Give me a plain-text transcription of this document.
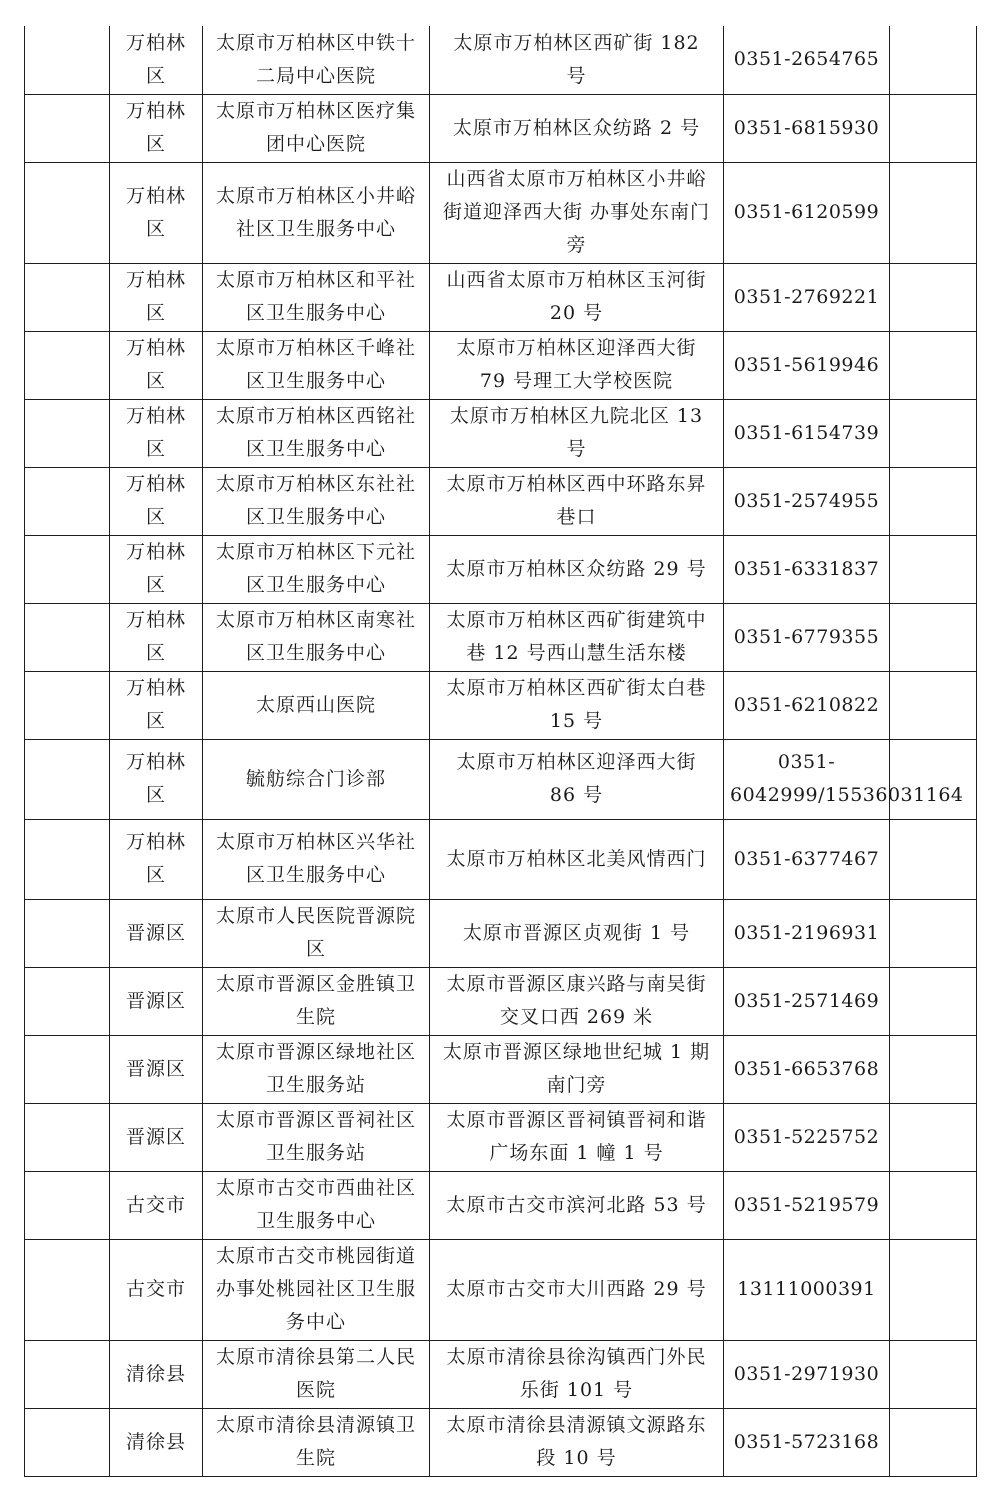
	万柏林区	太原市万柏林区中铁十二局中心医院	太原市万柏林区西矿街 182 号	0351-2654765	
	万柏林区	太原市万柏林区医疗集团中心医院	太原市万柏林区众纺路 2 号	0351-6815930	
	万柏林区	太原市万柏林区小井峪社区卫生服务中心	山西省太原市万柏林区小井峪街道迎泽西大街 办事处东南门旁	0351-6120599	
	万柏林区	太原市万柏林区和平社区卫生服务中心	山西省太原市万柏林区玉河街 20 号	0351-2769221	
	万柏林区	太原市万柏林区千峰社区卫生服务中心	太原市万柏林区迎泽西大街 79 号理工大学校医院	0351-5619946	
	万柏林区	太原市万柏林区西铭社区卫生服务中心	太原市万柏林区九院北区 13 号	0351-6154739	
	万柏林区	太原市万柏林区东社社区卫生服务中心	太原市万柏林区西中环路东昇巷口	0351-2574955	
	万柏林区	太原市万柏林区下元社区卫生服务中心	太原市万柏林区众纺路 29 号	0351-6331837	
	万柏林区	太原市万柏林区南寒社区卫生服务中心	太原市万柏林区西矿街建筑中巷 12 号西山慧生活东楼	0351-6779355	
	万柏林区	太原西山医院	太原市万柏林区西矿街太白巷 15 号	0351-6210822	
	万柏林区	毓舫综合门诊部	太原市万柏林区迎泽西大街 86 号	0351-6042999/15536031164	
	万柏林区	太原市万柏林区兴华社区卫生服务中心	太原市万柏林区北美风情西门	0351-6377467	
	晋源区	太原市人民医院晋源院区	太原市晋源区贞观街 1 号	0351-2196931	
	晋源区	太原市晋源区金胜镇卫生院	太原市晋源区康兴路与南吴街交叉口西 269 米	0351-2571469	
	晋源区	太原市晋源区绿地社区卫生服务站	太原市晋源区绿地世纪城 1 期南门旁	0351-6653768	
	晋源区	太原市晋源区晋祠社区卫生服务站	太原市晋源区晋祠镇晋祠和谐广场东面 1 幢 1 号	0351-5225752	
	古交市	太原市古交市西曲社区卫生服务中心	太原市古交市滨河北路 53 号	0351-5219579	
	古交市	太原市古交市桃园街道办事处桃园社区卫生服务中心	太原市古交市大川西路 29 号	13111000391	
	清徐县	太原市清徐县第二人民医院	太原市清徐县徐沟镇西门外民乐街 101 号	0351-2971930	
	清徐县	太原市清徐县清源镇卫生院	太原市清徐县清源镇文源路东段 10 号	0351-5723168	
